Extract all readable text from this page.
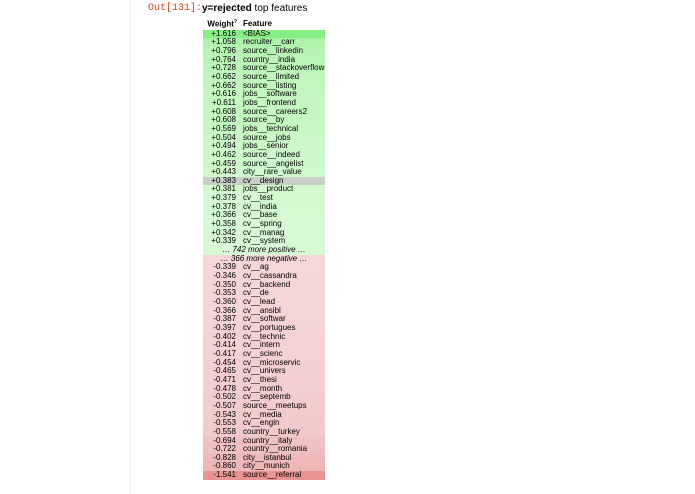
Out[131]: y=rejected top features
Weight?	Feature
+1.616	<BIAS>
+1.058	recruiter__carr
+0.796	source__linkedin
+0.764	country__india
+0.728	source__stackoverflow
+0.662	source__limited
+0.662	source__listing
+0.616	jobs__software
+0.611	jobs__frontend
+0.608	source__careers2
+0.608	source__by
+0.569	jobs__technical
+0.504	source__jobs
+0.494	jobs__senior
+0.462	source__indeed
+0.459	source__angelist
+0.443	city__rare_value
+0.383	cv__design
+0.381	jobs__product
+0.379	cv__test
+0.378	cv__india
+0.366	cv__base
+0.358	cv__spring
+0.342	cv__manag
+0.339	cv__system
… 742 more positive …	
… 366 more negative …	
-0.339	cv__ag
-0.346	cv__cassandra
-0.350	cv__backend
-0.353	cv__de
-0.360	cv__lead
-0.366	cv__ansibl
-0.387	cv__softwar
-0.397	cv__portugues
-0.402	cv__technic
-0.414	cv__intern
-0.417	cv__scienc
-0.454	cv__microservic
-0.465	cv__univers
-0.471	cv__thesi
-0.478	cv__month
-0.502	cv__septemb
-0.507	source__meetups
-0.543	cv__media
-0.553	cv__engin
-0.558	country__turkey
-0.694	country__italy
-0.722	country__romania
-0.828	city__istanbul
-0.860	city__munich
-1.541	source__referral
